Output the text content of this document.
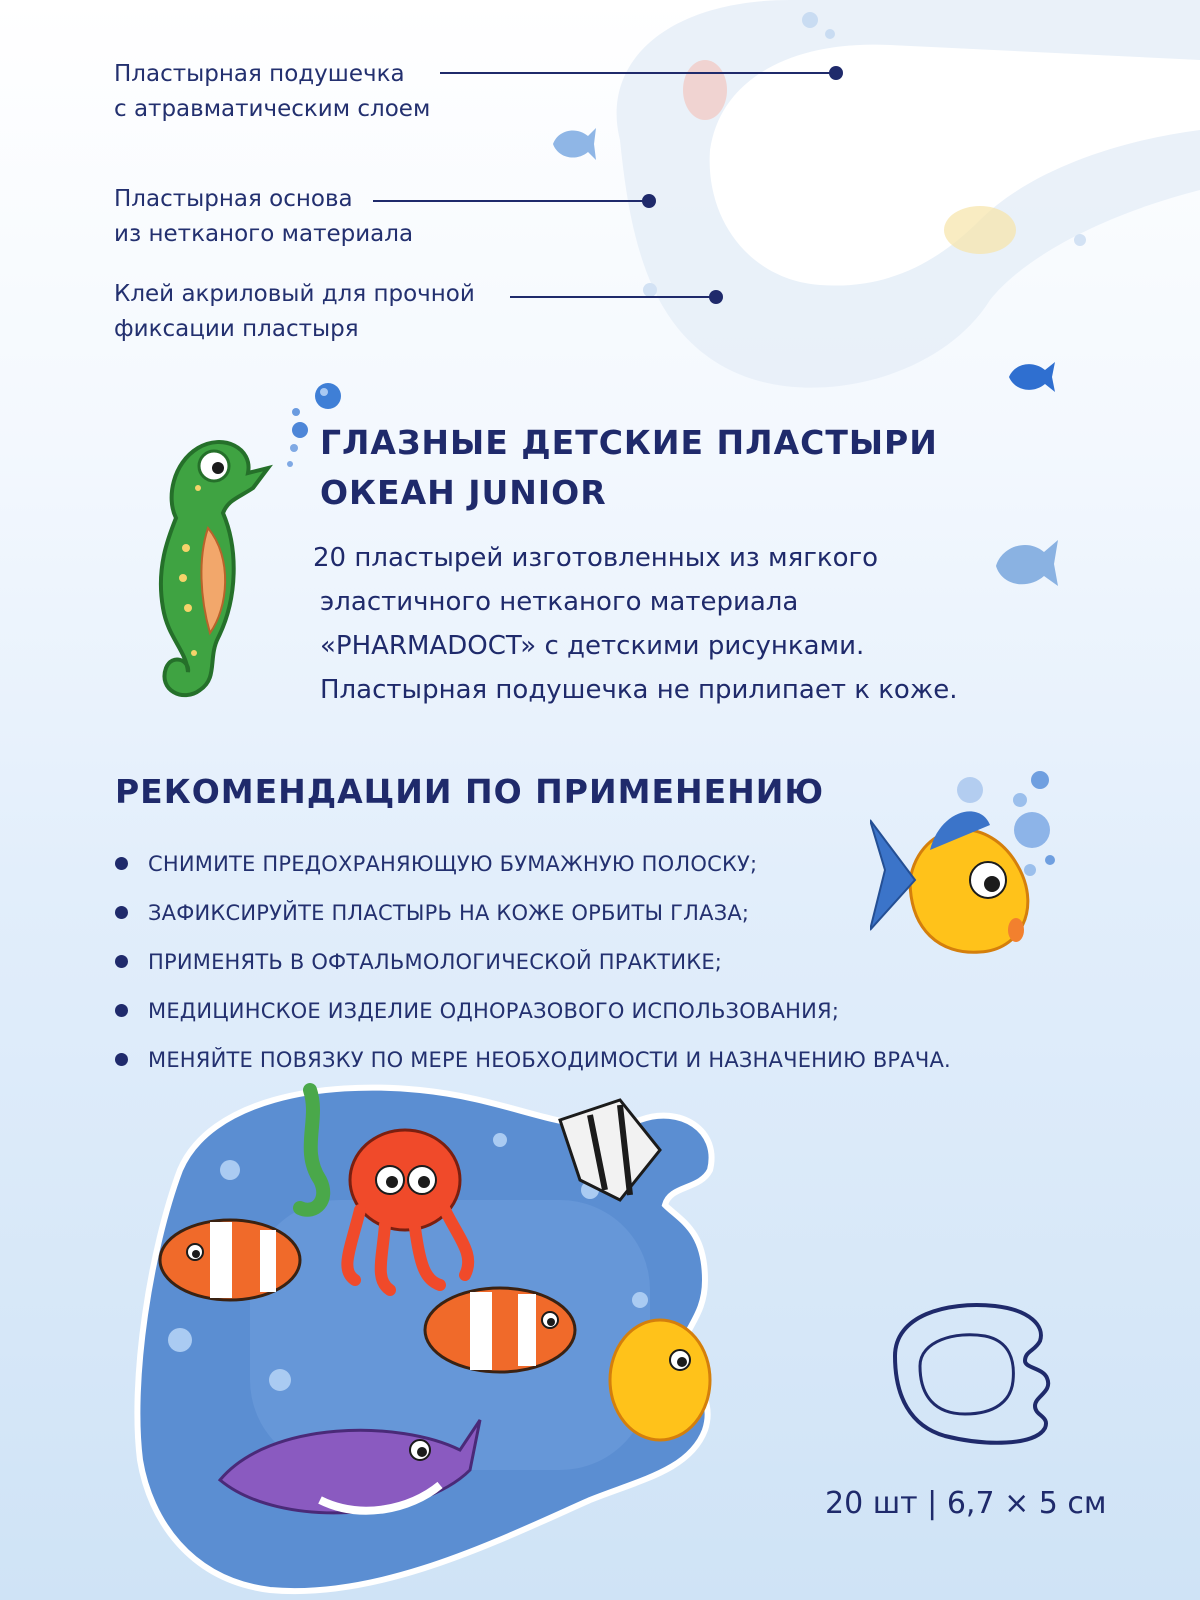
Пластырная подушечка
с атравматическим слоем
Пластырная основа
из нетканого материала
Клей акриловый для прочной
фиксации пластыря
ГЛАЗНЫЕ ДЕТСКИЕ ПЛАСТЫРИ
ОКЕАН JUNIOR
20 пластырей изготовленных из мягкого
эластичного нетканого материала
«PHARMADOCT» с детскими рисунками.
Пластырная подушечка не прилипает к коже.
РЕКОМЕНДАЦИИ ПО ПРИМЕНЕНИЮ
СНИМИТЕ ПРЕДОХРАНЯЮЩУЮ БУМАЖНУЮ ПОЛОСКУ;
ЗАФИКСИРУЙТЕ ПЛАСТЫРЬ НА КОЖЕ ОРБИТЫ ГЛАЗА;
ПРИМЕНЯТЬ В ОФТАЛЬМОЛОГИЧЕСКОЙ ПРАКТИКЕ;
МЕДИЦИНСКОЕ ИЗДЕЛИЕ ОДНОРАЗОВОГО ИСПОЛЬЗОВАНИЯ;
МЕНЯЙТЕ ПОВЯЗКУ ПО МЕРЕ НЕОБХОДИМОСТИ И НАЗНАЧЕНИЮ ВРАЧА.
20 шт | 6,7 × 5 см
